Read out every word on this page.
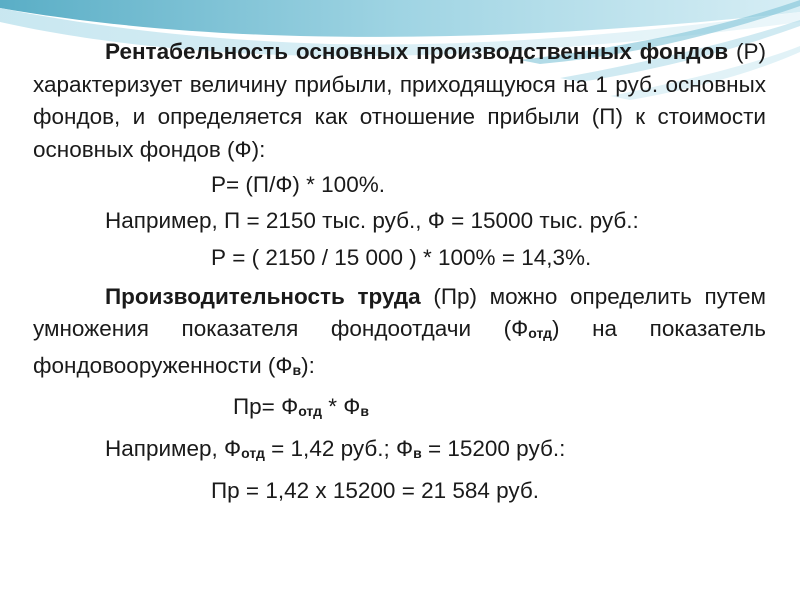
Рентабельность основных производственных фондов (Р) характеризует величину прибыли, приходящуюся на 1 руб. основных фондов, и определяется как отношение прибыли (П) к стоимости основных фондов (Ф):

Р= (П/Ф) * 100%.

Например, П = 2150 тыс. руб., Ф = 15000 тыс. руб.:

Р = ( 2150 / 15 000 ) * 100% = 14,3%.

Производительность труда (Пр) можно определить путем умножения показателя фондоотдачи (Фотд) на показатель фондовооруженности (Фв):

Пр= Фотд * Фв

Например, Фотд = 1,42 руб.; Фв = 15200 руб.:

Пр = 1,42 х 15200 = 21 584 руб.
